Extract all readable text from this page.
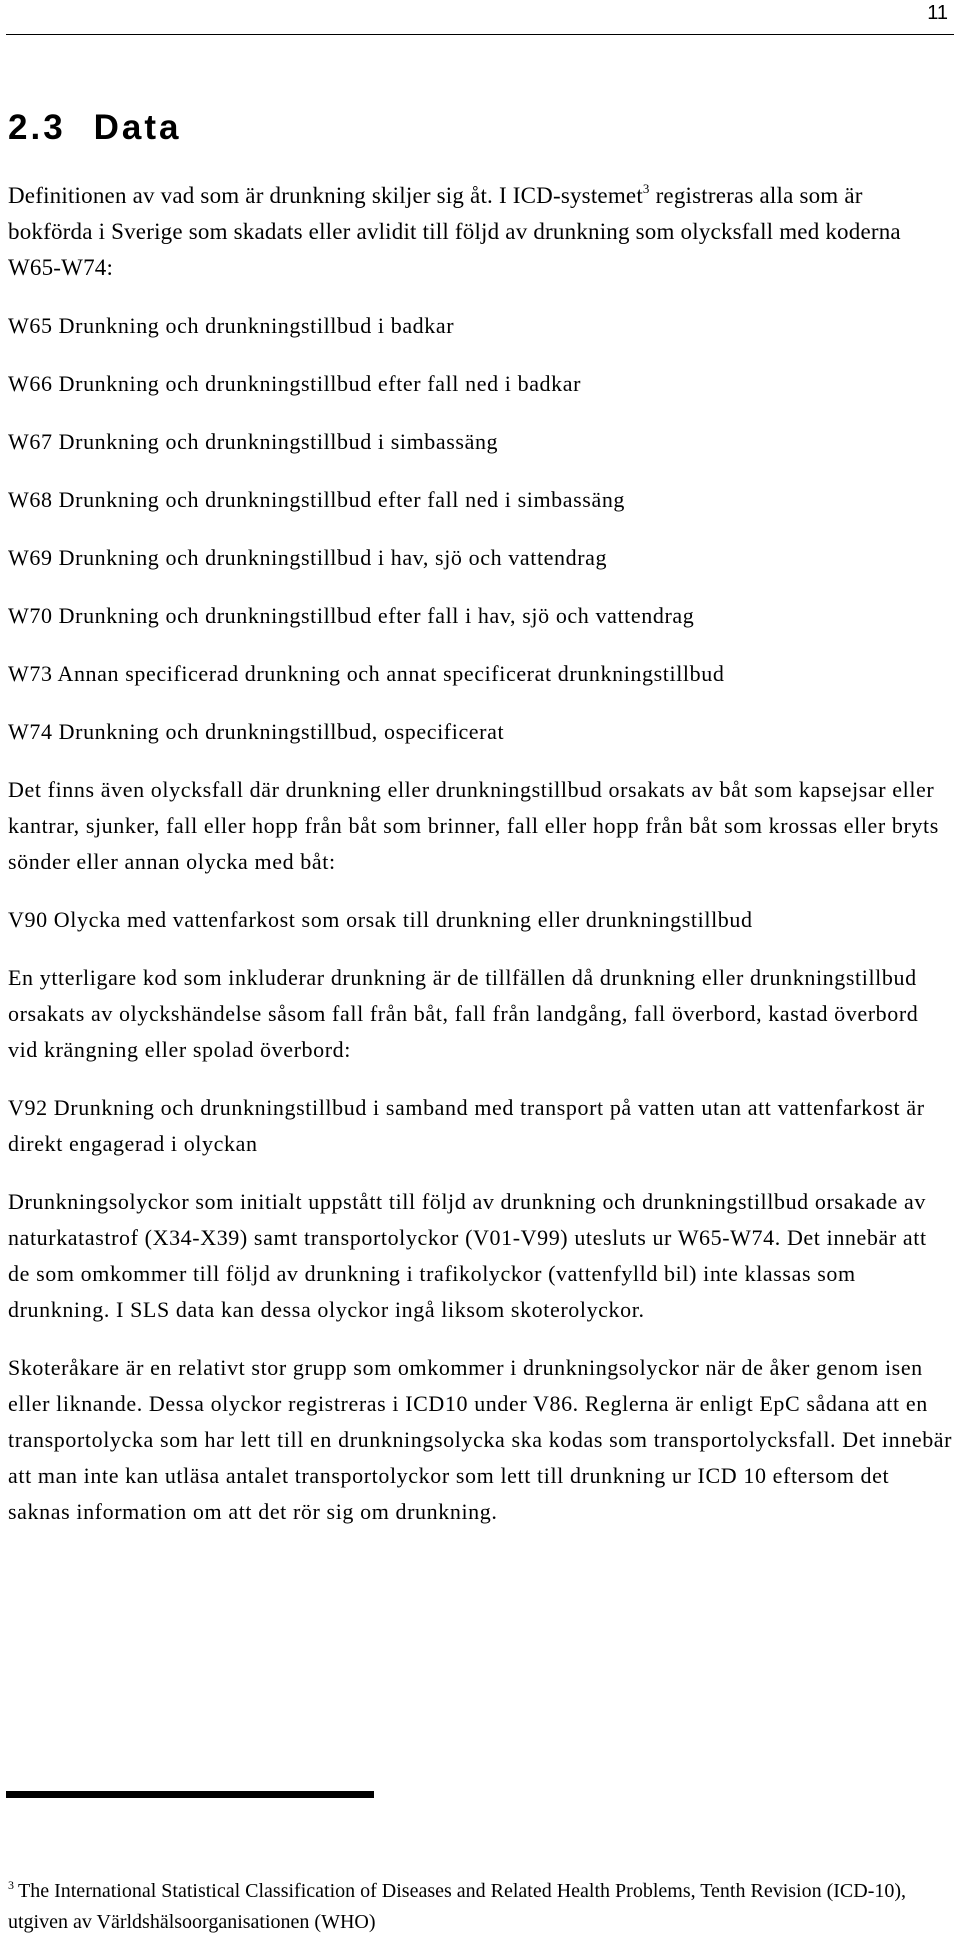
11
2.3 Data

Definitionen av vad som är drunkning skiljer sig åt. I ICD-systemet$^3$ registreras alla som är bokförda i Sverige som skadats eller avlidit till följd av drunkning som olycksfall med koderna W65-W74:

W65 Drunkning och drunkningstillbud i badkar

W66 Drunkning och drunkningstillbud efter fall ned i badkar

W67 Drunkning och drunkningstillbud i simbassäng

W68 Drunkning och drunkningstillbud efter fall ned i simbassäng

W69 Drunkning och drunkningstillbud i hav, sjö och vattendrag

W70 Drunkning och drunkningstillbud efter fall i hav, sjö och vattendrag

W73 Annan specificerad drunkning och annat specificerat drunkningstillbud

W74 Drunkning och drunkningstillbud, ospecificerat

Det finns även olycksfall där drunkning eller drunkningstillbud orsakats av båt som kapsejsar eller kantrar, sjunker, fall eller hopp från båt som brinner, fall eller hopp från båt som krossas eller bryts sönder eller annan olycka med båt:

V90 Olycka med vattenfarkost som orsak till drunkning eller drunkningstillbud

En ytterligare kod som inkluderar drunkning är de tillfällen då drunkning eller drunkningstillbud orsakats av olyckshändelse såsom fall från båt, fall från landgång, fall överbord, kastad överbord vid krängning eller spolad överbord:

V92 Drunkning och drunkningstillbud i samband med transport på vatten utan att vattenfarkost är direkt engagerad i olyckan

Drunkningsolyckor som initialt uppstått till följd av drunkning och drunkningstillbud orsakade av naturkatastrof (X34-X39) samt transportolyckor (V01-V99) utesluts ur W65-W74. Det innebär att de som omkommer till följd av drunkning i trafikolyckor (vattenfylld bil) inte klassas som drunkning. I SLS data kan dessa olyckor ingå liksom skoterolyckor.

Skoteråkare är en relativt stor grupp som omkommer i drunkningsolyckor när de åker genom isen eller liknande. Dessa olyckor registreras i ICD10 under V86. Reglerna är enligt EpC sådana att en transportolycka som har lett till en drunkningsolycka ska kodas som transportolycksfall. Det innebär att man inte kan utläsa antalet transportolyckor som lett till drunkning ur ICD 10 eftersom det saknas information om att det rör sig om drunkning.

$^3$ The International Statistical Classification of Diseases and Related Health Problems, Tenth Revision (ICD-10), utgiven av Världshälsoorganisationen (WHO)
